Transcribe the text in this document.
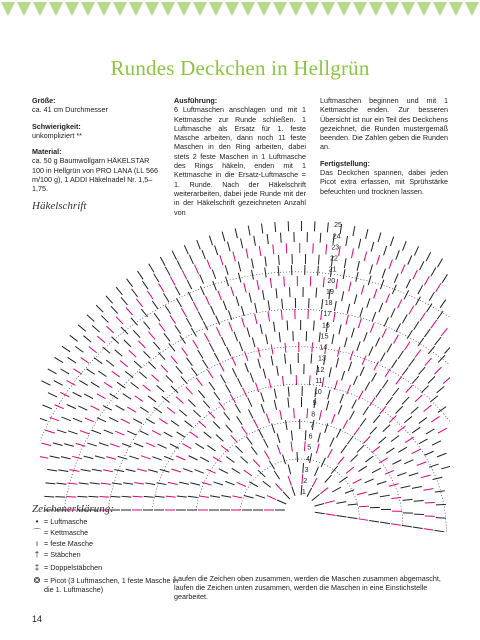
Rundes Deckchen in Hellgrün

Größe:

ca. 41 cm Durchmesser

Schwierigkeit:

unkompliziert **

Material:

ca. 50 g Baumwollgarn HÄKELSTAR 100 in Hellgrün von PRO LANA (LL 566 m/100 g), 1 ADDI Häkelnadel Nr. 1,5–1,75.

Ausführung:

6 Luftmaschen anschlagen und mit 1 Kettmasche zur Runde schließen. 1 Luftmasche als Ersatz für 1. feste Masche arbeiten, dann noch 11 feste Maschen in den Ring arbeiten, dabei stets 2 feste Maschen in 1 Luftmasche des Rings häkeln, enden mit 1 Kettmasche in die Ersatz-Luftmasche = 1. Runde. Nach der Häkelschrift weiterarbeiten, dabei jede Runde mit der in der Häkelschrift gezeichneten Anzahl von

Luftmaschen beginnen und mit 1 Kettmasche enden. Zur besseren Übersicht ist nur ein Teil des Deckchens gezeichnet, die Runden mustergemäß beenden. Die Zahlen geben die Runden an.

Fertigstellung:

Das Deckchen spannen, dabei jeden Picot extra erfassen, mit Sprühstärke befeuchten und trocknen lassen.

Häkelschrift
1
2
3
4
5
6
7
8
9
10
11
12
13
14
15
16
17
18
19
20
21
22
23
24
25
Zeichenerklärung:
• = Luftmasche
⌒ = Kettmasche
ı = feste Masche
† = Stäbchen
‡ = Doppelstäbchen
❂ = Picot (3 Luftmaschen, 1 feste Masche in die 1. Luftmasche)
Laufen die Zeichen oben zusammen, werden die Maschen zusammen abgemascht, laufen die Zeichen unten zusammen, werden die Maschen in eine Einstichstelle gearbeitet.
14
